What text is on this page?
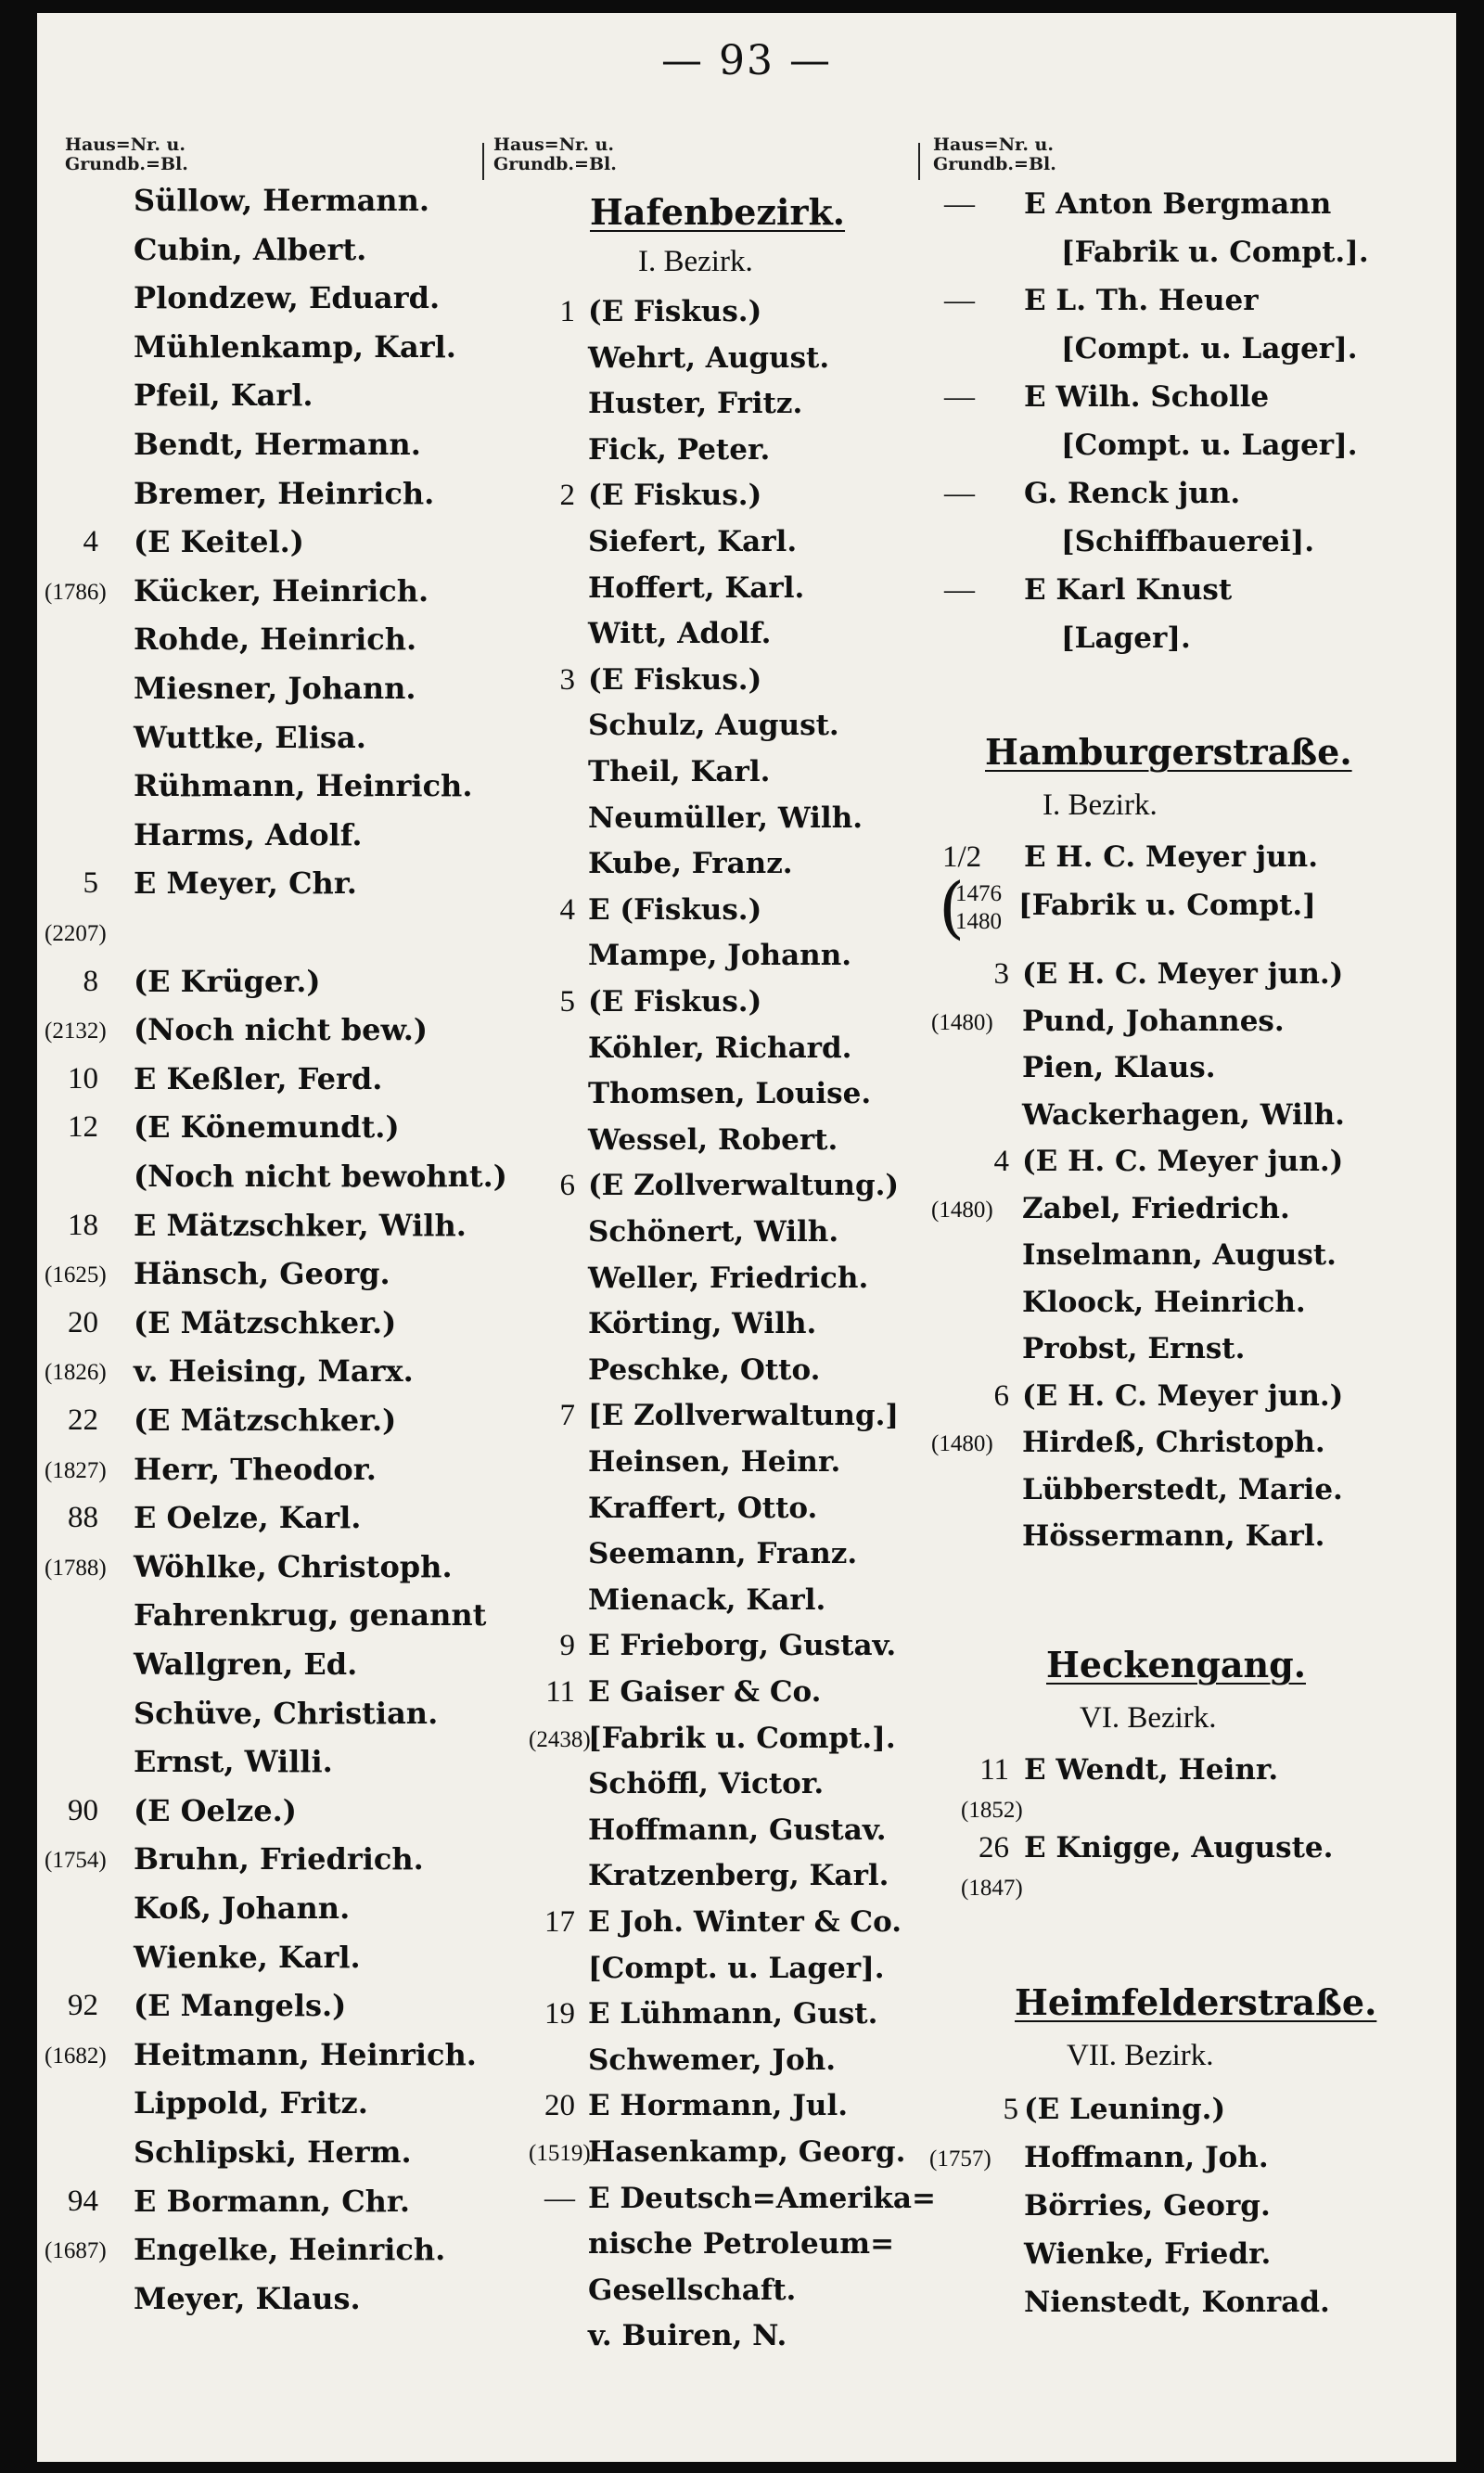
— 93 —
Haus=Nr. u.
Grundb.=Bl.
Haus=Nr. u.
Grundb.=Bl.
Haus=Nr. u.
Grundb.=Bl.
Süllow, Hermann.
Cubin, Albert.
Plondzew, Eduard.
Mühlenkamp, Karl.
Pfeil, Karl.
Bendt, Hermann.
Bremer, Heinrich.
4 (E Keitel.)
(1786) Kücker, Heinrich.
Rohde, Heinrich.
Miesner, Johann.
Wuttke, Elisa.
Rühmann, Heinrich.
Harms, Adolf.
5 E Meyer, Chr.
(2207)
8 (E Krüger.)
(2132) (Noch nicht bew.)
10 E Keßler, Ferd.
12 (E Könemundt.)
(Noch nicht bewohnt.)
18 E Mätzschker, Wilh.
(1625) Hänsch, Georg.
20 (E Mätzschker.)
(1826) v. Heising, Marx.
22 (E Mätzschker.)
(1827) Herr, Theodor.
88 E Oelze, Karl.
(1788) Wöhlke, Christoph.
Fahrenkrug, genannt
Wallgren, Ed.
Schüve, Christian.
Ernst, Willi.
90 (E Oelze.)
(1754) Bruhn, Friedrich.
Koß, Johann.
Wienke, Karl.
92 (E Mangels.)
(1682) Heitmann, Heinrich.
Lippold, Fritz.
Schlipski, Herm.
94 E Bormann, Chr.
(1687) Engelke, Heinrich.
Meyer, Klaus.
Hafenbezirk.
I. Bezirk.
1 (E Fiskus.)
Wehrt, August.
Huster, Fritz.
Fick, Peter.
2 (E Fiskus.)
Siefert, Karl.
Hoffert, Karl.
Witt, Adolf.
3 (E Fiskus.)
Schulz, August.
Theil, Karl.
Neumüller, Wilh.
Kube, Franz.
4 E (Fiskus.)
Mampe, Johann.
5 (E Fiskus.)
Köhler, Richard.
Thomsen, Louise.
Wessel, Robert.
6 (E Zollverwaltung.)
Schönert, Wilh.
Weller, Friedrich.
Körting, Wilh.
Peschke, Otto.
7 [E Zollverwaltung.]
Heinsen, Heinr.
Kraffert, Otto.
Seemann, Franz.
Mienack, Karl.
9 E Frieborg, Gustav.
11 E Gaiser & Co.
(2438)
[Fabrik u. Compt.].
Schöffl, Victor.
Hoffmann, Gustav.
Kratzenberg, Karl.
17 E Joh. Winter & Co.
[Compt. u. Lager].
19 E Lühmann, Gust.
Schwemer, Joh.
20 E Hormann, Jul.
(1519)
Hasenkamp, Georg.
— E Deutsch=Amerika=
nische Petroleum=
Gesellschaft.
v. Buiren, N.
— E Anton Bergmann
[Fabrik u. Compt.].
— E L. Th. Heuer
[Compt. u. Lager].
— E Wilh. Scholle
[Compt. u. Lager].
— G. Renck jun.
[Schiffbauerei].
— E Karl Knust
[Lager].
Hamburgerstraße.
I. Bezirk.
1/2 E H. C. Meyer jun.
(
1476
1480 [Fabrik u. Compt.]
3 (E H. C. Meyer jun.)
(1480) Pund, Johannes.
Pien, Klaus.
Wackerhagen, Wilh.
4 (E H. C. Meyer jun.)
(1480) Zabel, Friedrich.
Inselmann, August.
Kloock, Heinrich.
Probst, Ernst.
6 (E H. C. Meyer jun.)
(1480) Hirdeß, Christoph.
Lübberstedt, Marie.
Hössermann, Karl.
Heckengang.
VI. Bezirk.
11 E Wendt, Heinr.
(1852)
26 E Knigge, Auguste.
(1847)
Heimfelderstraße.
VII. Bezirk.
5 (E Leuning.)
(1757) Hoffmann, Joh.
Börries, Georg.
Wienke, Friedr.
Nienstedt, Konrad.
